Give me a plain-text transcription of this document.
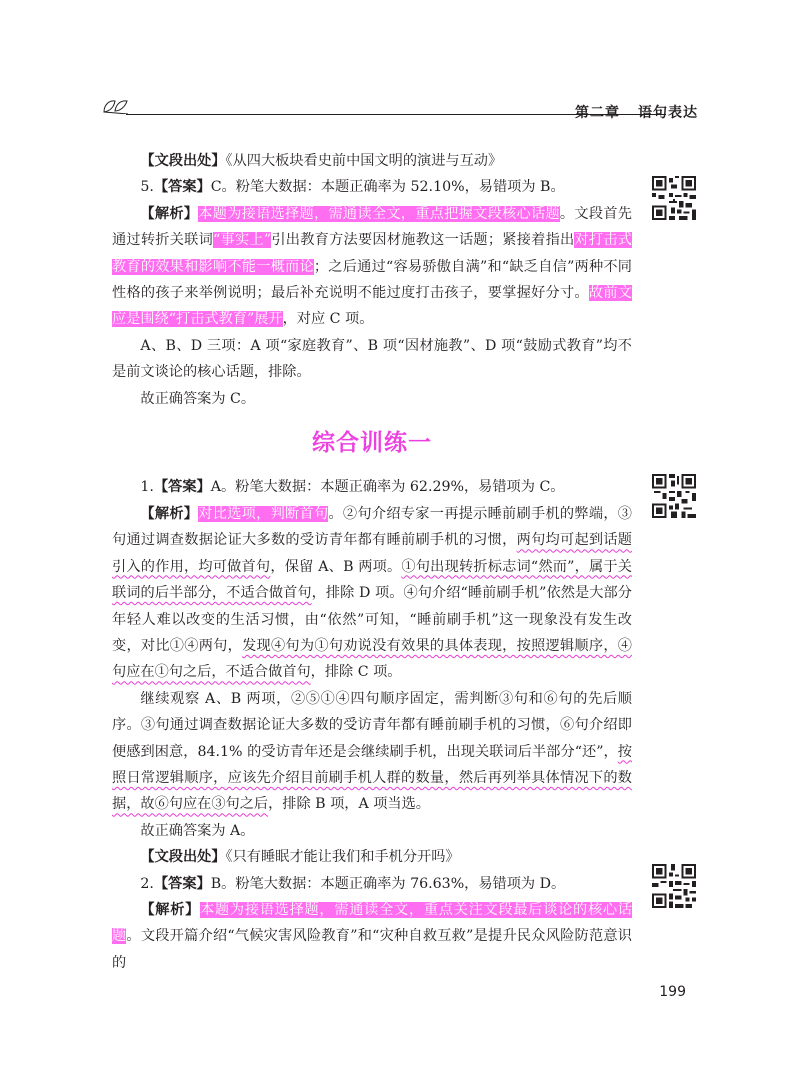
第二章 语句表达

【文段出处】《从四大板块看史前中国文明的演进与互动》

5.【答案】C。粉笔大数据：本题正确率为 52.10%，易错项为 B。

【解析】本题为接语选择题，需通读全文，重点把握文段核心话题。文段首先通过转折关联词“事实上”引出教育方法要因材施教这一话题；紧接着指出对打击式教育的效果和影响不能一概而论；之后通过“容易骄傲自满”和“缺乏自信”两种不同性格的孩子来举例说明；最后补充说明不能过度打击孩子，要掌握好分寸。故前文应是围绕“打击式教育”展开，对应 C 项。

A、B、D 三项：A 项“家庭教育”、B 项“因材施教”、D 项“鼓励式教育”均不是前文谈论的核心话题，排除。

故正确答案为 C。

综合训练一

1.【答案】A。粉笔大数据：本题正确率为 62.29%，易错项为 C。

【解析】对比选项，判断首句。②句介绍专家一再提示睡前刷手机的弊端，③句通过调查数据论证大多数的受访青年都有睡前刷手机的习惯，两句均可起到话题引入的作用，均可做首句，保留 A、B 两项。①句出现转折标志词“然而”，属于关联词的后半部分，不适合做首句，排除 D 项。④句介绍“睡前刷手机”依然是大部分年轻人难以改变的生活习惯，由“依然”可知，“睡前刷手机”这一现象没有发生改变，对比①④两句，发现④句为①句劝说没有效果的具体表现，按照逻辑顺序，④句应在①句之后，不适合做首句，排除 C 项。

继续观察 A、B 两项，②⑤①④四句顺序固定，需判断③句和⑥句的先后顺序。③句通过调查数据论证大多数的受访青年都有睡前刷手机的习惯，⑥句介绍即便感到困意，84.1% 的受访青年还是会继续刷手机，出现关联词后半部分“还”，按照日常逻辑顺序，应该先介绍目前刷手机人群的数量，然后再列举具体情况下的数据，故⑥句应在③句之后，排除 B 项，A 项当选。

故正确答案为 A。

【文段出处】《只有睡眠才能让我们和手机分开吗》

2.【答案】B。粉笔大数据：本题正确率为 76.63%，易错项为 D。

【解析】本题为接语选择题，需通读全文，重点关注文段最后谈论的核心话题。文段开篇介绍“气候灾害风险教育”和“灾种自救互救”是提升民众风险防范意识的

199
